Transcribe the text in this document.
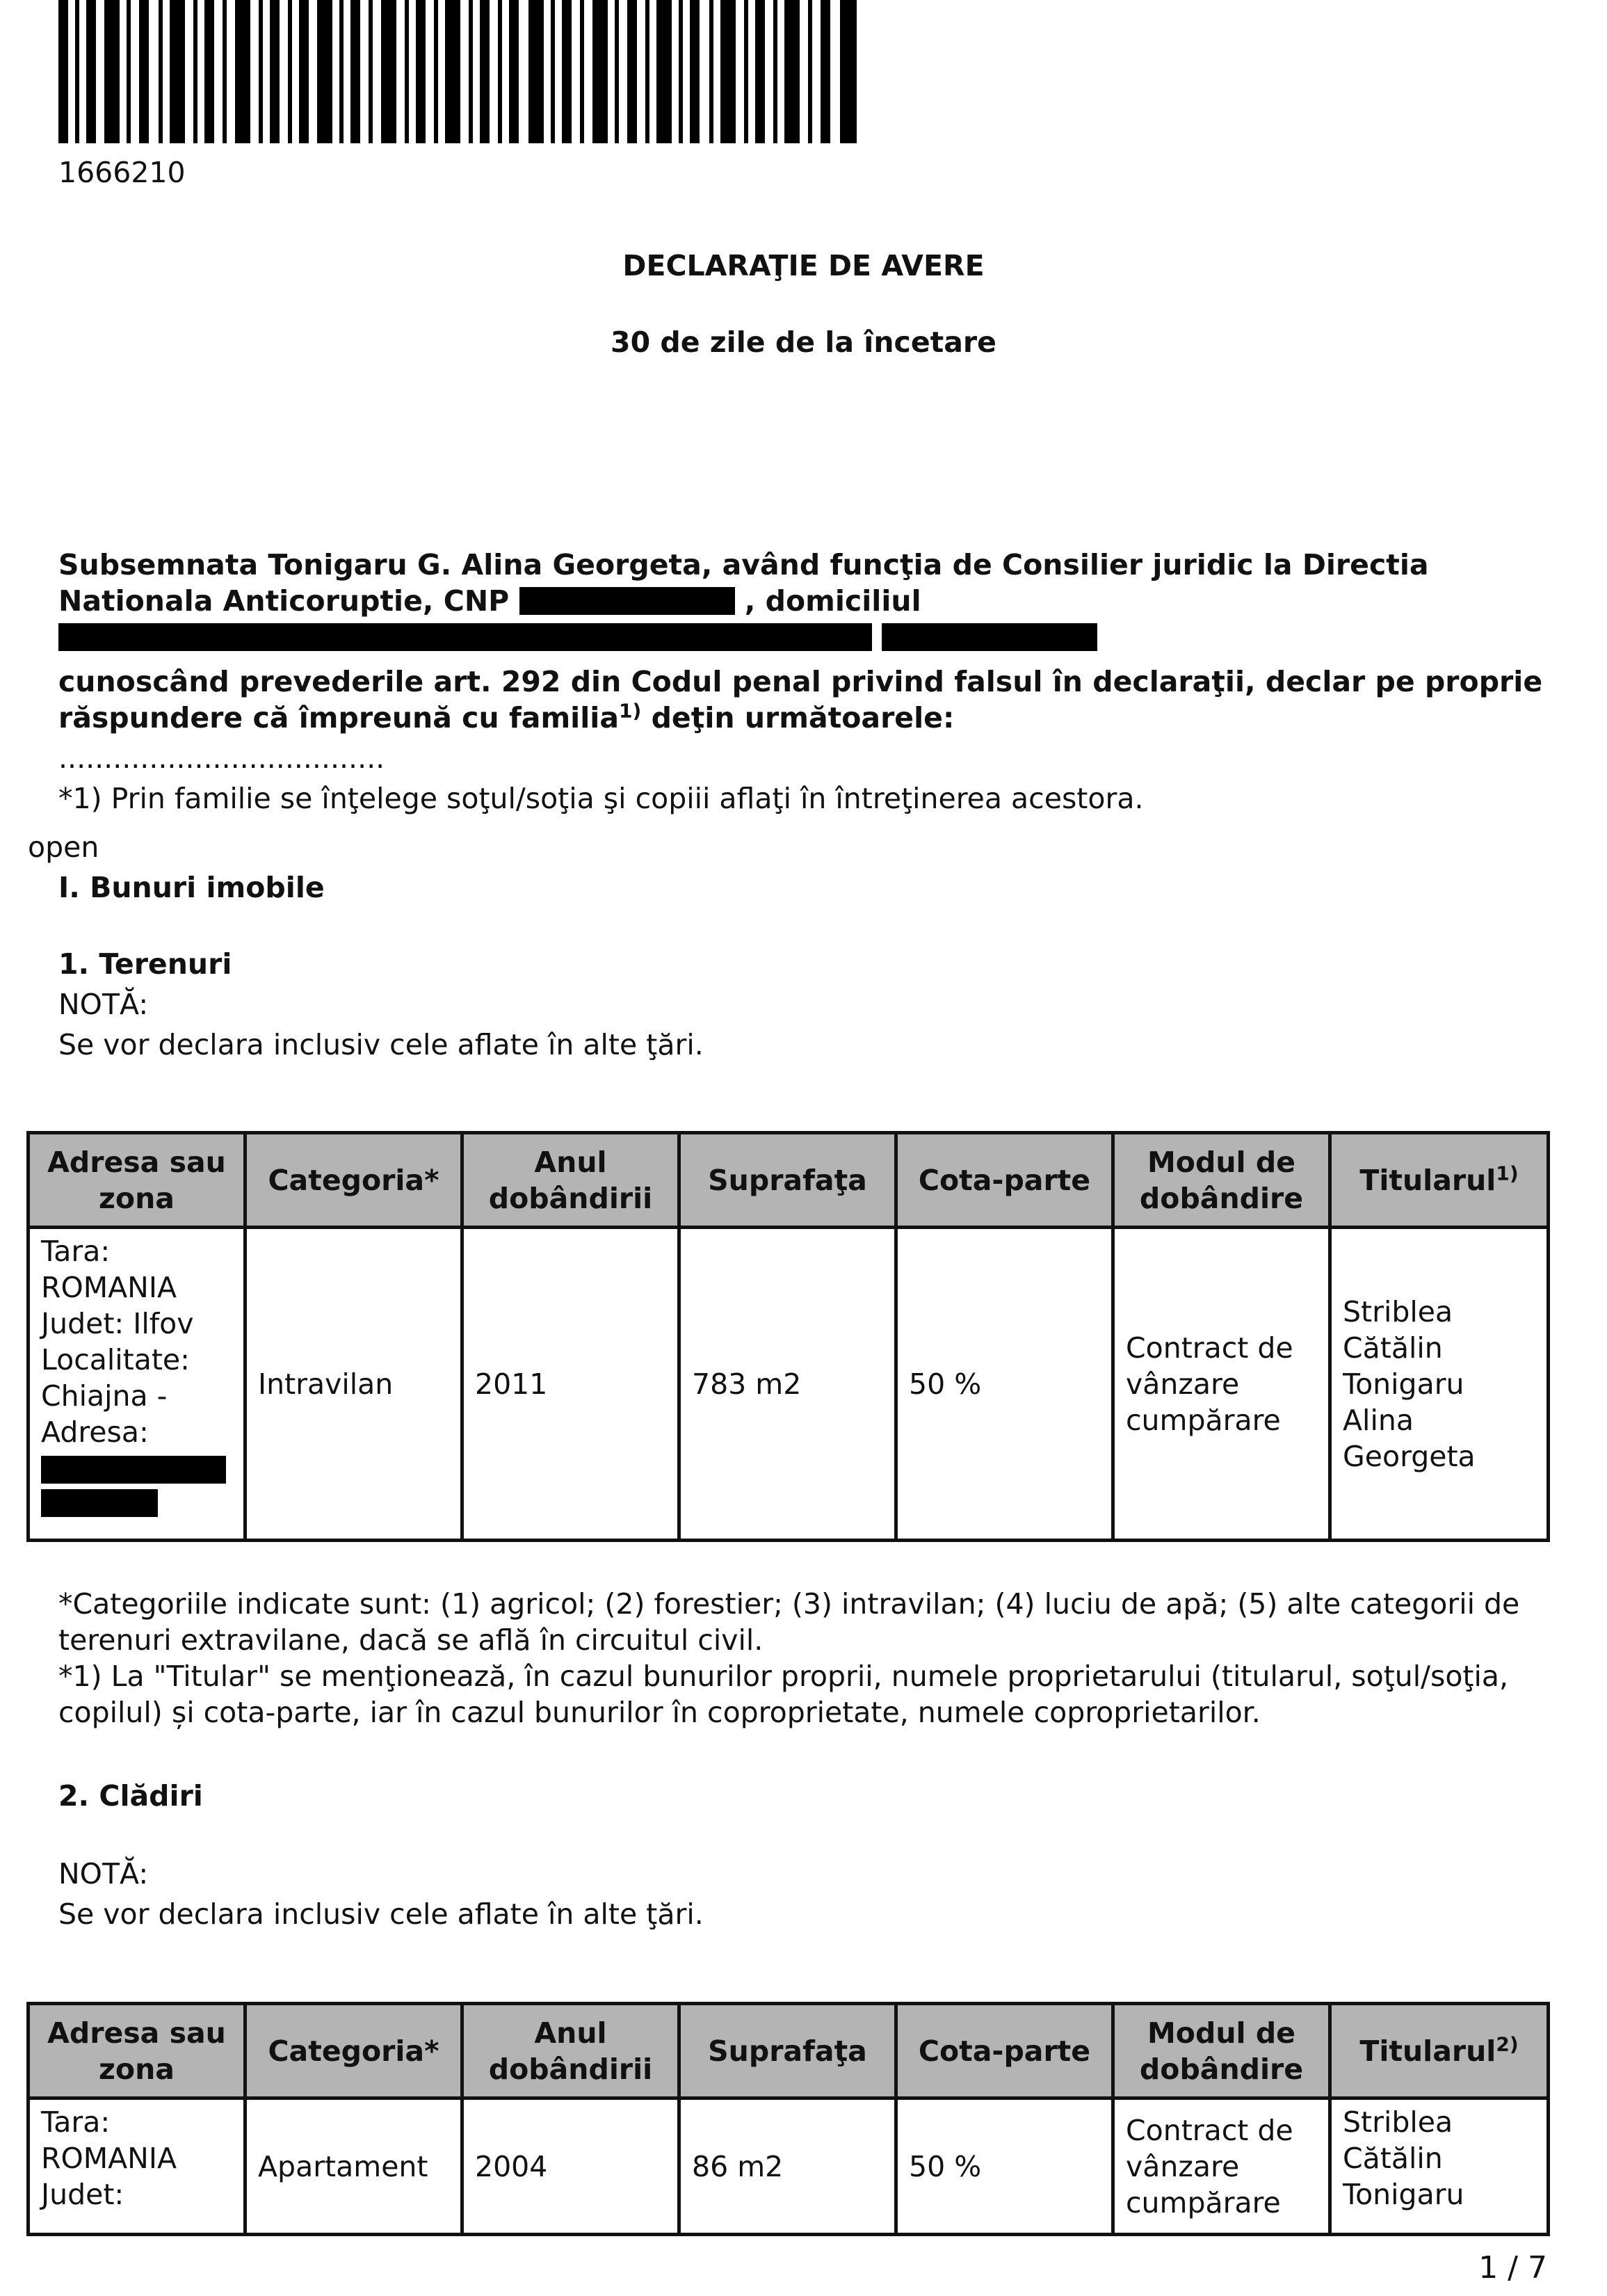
1666210
DECLARAŢIE DE AVERE
30 de zile de la încetare
Subsemnata Tonigaru G. Alina Georgeta, având funcţia de Consilier juridic la Directia Nationala Anticoruptie, CNP	, domiciliul
cunoscând prevederile art. 292 din Codul penal privind falsul în declaraţii, declar pe proprie răspundere că împreună cu familia$^{1)}$ deţin următoarele:
....................................
*1) Prin familie se înţelege soţul/soţia şi copiii aflaţi în întreţinerea acestora.
open
I. Bunuri imobile
1. Terenuri
NOTĂ:
Se vor declara inclusiv cele aflate în alte ţări.
Adresa sau zona	Categoria*	Anul dobândirii	Suprafaţa	Cota-parte	Modul de dobândire	Titularul$^{1)}$
Tara: ROMANIA Judet: Ilfov Localitate: Chiajna - Adresa:	Intravilan	2011	783 m2	50 %	Contract de vânzare cumpărare	Striblea Cătălin Tonigaru Alina Georgeta
*Categoriile indicate sunt: (1) agricol; (2) forestier; (3) intravilan; (4) luciu de apă; (5) alte categorii de terenuri extravilane, dacă se află în circuitul civil.
*1) La "Titular" se menţionează, în cazul bunurilor proprii, numele proprietarului (titularul, soţul/soţia, copilul) și cota-parte, iar în cazul bunurilor în coproprietate, numele coproprietarilor.
2. Clădiri
NOTĂ:
Se vor declara inclusiv cele aflate în alte ţări.
Adresa sau zona	Categoria*	Anul dobândirii	Suprafaţa	Cota-parte	Modul de dobândire	Titularul$^{2)}$
Tara: ROMANIA Judet:	Apartament	2004	86 m2	50 %	Contract de vânzare cumpărare	Striblea Cătălin Tonigaru
1 / 7
